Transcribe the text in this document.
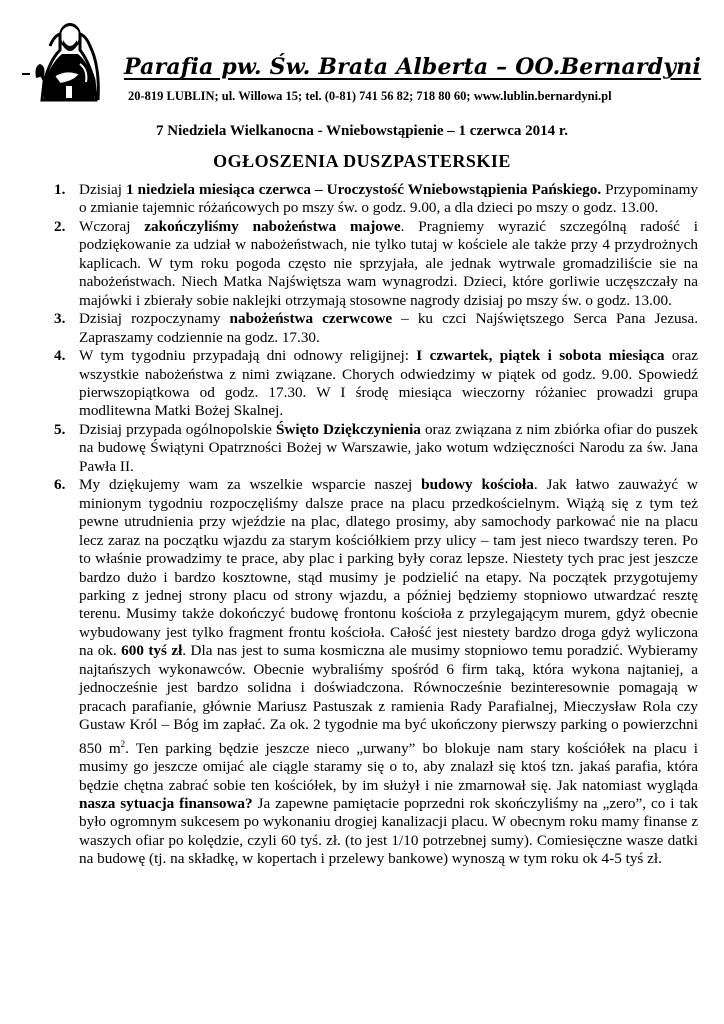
Parafia pw. Św. Brata Alberta – OO.Bernardyni
20-819 LUBLIN; ul. Willowa 15; tel. (0-81) 741 56 82; 718 80 60; www.lublin.bernardyni.pl
7 Niedziela Wielkanocna - Wniebowstąpienie – 1 czerwca 2014 r.
OGŁOSZENIA DUSZPASTERSKIE
1. Dzisiaj 1 niedziela miesiąca czerwca – Uroczystość Wniebowstąpienia Pańskiego. Przypominamy o zmianie tajemnic różańcowych po mszy św. o godz. 9.00, a dla dzieci po mszy o godz. 13.00.

2. Wczoraj zakończyliśmy nabożeństwa majowe. Pragniemy wyrazić szczególną radość i podziękowanie za udział w nabożeństwach, nie tylko tutaj w kościele ale także przy 4 przydrożnych kaplicach. W tym roku pogoda często nie sprzyjała, ale jednak wytrwale gromadziliście sie na nabożeństwach. Niech Matka Najświętsza wam wynagrodzi. Dzieci, które gorliwie uczęszczały na majówki i zbierały sobie naklejki otrzymają stosowne nagrody dzisiaj po mszy św. o godz. 13.00.

3. Dzisiaj rozpoczynamy nabożeństwa czerwcowe – ku czci Najświętszego Serca Pana Jezusa. Zapraszamy codziennie na godz. 17.30.

4. W tym tygodniu przypadają dni odnowy religijnej: I czwartek, piątek i sobota miesiąca oraz wszystkie nabożeństwa z nimi związane. Chorych odwiedzimy w piątek od godz. 9.00. Spowiedź pierwszopiątkowa od godz. 17.30. W I środę miesiąca wieczorny różaniec prowadzi grupa modlitewna Matki Bożej Skalnej.

5. Dzisiaj przypada ogólnopolskie Święto Dziękczynienia oraz związana z nim zbiórka ofiar do puszek na budowę Świątyni Opatrzności Bożej w Warszawie, jako wotum wdzięczności Narodu za św. Jana Pawła II.

6. My dziękujemy wam za wszelkie wsparcie naszej budowy kościoła. Jak łatwo zauważyć w minionym tygodniu rozpoczęliśmy dalsze prace na placu przedkościelnym. Wiążą się z tym też pewne utrudnienia przy wjeździe na plac, dlatego prosimy, aby samochody parkować nie na placu lecz zaraz na początku wjazdu za starym kościółkiem przy ulicy – tam jest nieco twardszy teren. Po to właśnie prowadzimy te prace, aby plac i parking były coraz lepsze. Niestety tych prac jest jeszcze bardzo dużo i bardzo kosztowne, stąd musimy je podzielić na etapy. Na początek przygotujemy parking z jednej strony placu od strony wjazdu, a później będziemy stopniowo utwardzać resztę terenu. Musimy także dokończyć budowę frontonu kościoła z przylegającym murem, gdyż obecnie wybudowany jest tylko fragment frontu kościoła. Całość jest niestety bardzo droga gdyż wyliczona na ok. 600 tyś zł. Dla nas jest to suma kosmiczna ale musimy stopniowo temu poradzić. Wybieramy najtańszych wykonawców. Obecnie wybraliśmy spośród 6 firm taką, która wykona najtaniej, a jednocześnie jest bardzo solidna i doświadczona. Równocześnie bezinteresownie pomagają w pracach parafianie, głównie Mariusz Pastuszak z ramienia Rady Parafialnej, Mieczysław Rola czy Gustaw Król – Bóg im zapłać. Za ok. 2 tygodnie ma być ukończony pierwszy parking o powierzchni 850 $m^2$. Ten parking będzie jeszcze nieco „urwany” bo blokuje nam stary kościółek na placu i musimy go jeszcze omijać ale ciągle staramy się o to, aby znalazł się ktoś tzn. jakaś parafia, która będzie chętna zabrać sobie ten kościółek, by im służył i nie zmarnował się. Jak natomiast wygląda nasza sytuacja finansowa? Ja zapewne pamiętacie poprzedni rok skończyliśmy na „zero”, co i tak było ogromnym sukcesem po wykonaniu drogiej kanalizacji placu. W obecnym roku mamy finanse z waszych ofiar po kolędzie, czyli 60 tyś. zł. (to jest 1/10 potrzebnej sumy). Comiesięczne wasze datki na budowę (tj. na składkę, w kopertach i przelewy bankowe) wynoszą w tym roku ok 4-5 tyś zł.
